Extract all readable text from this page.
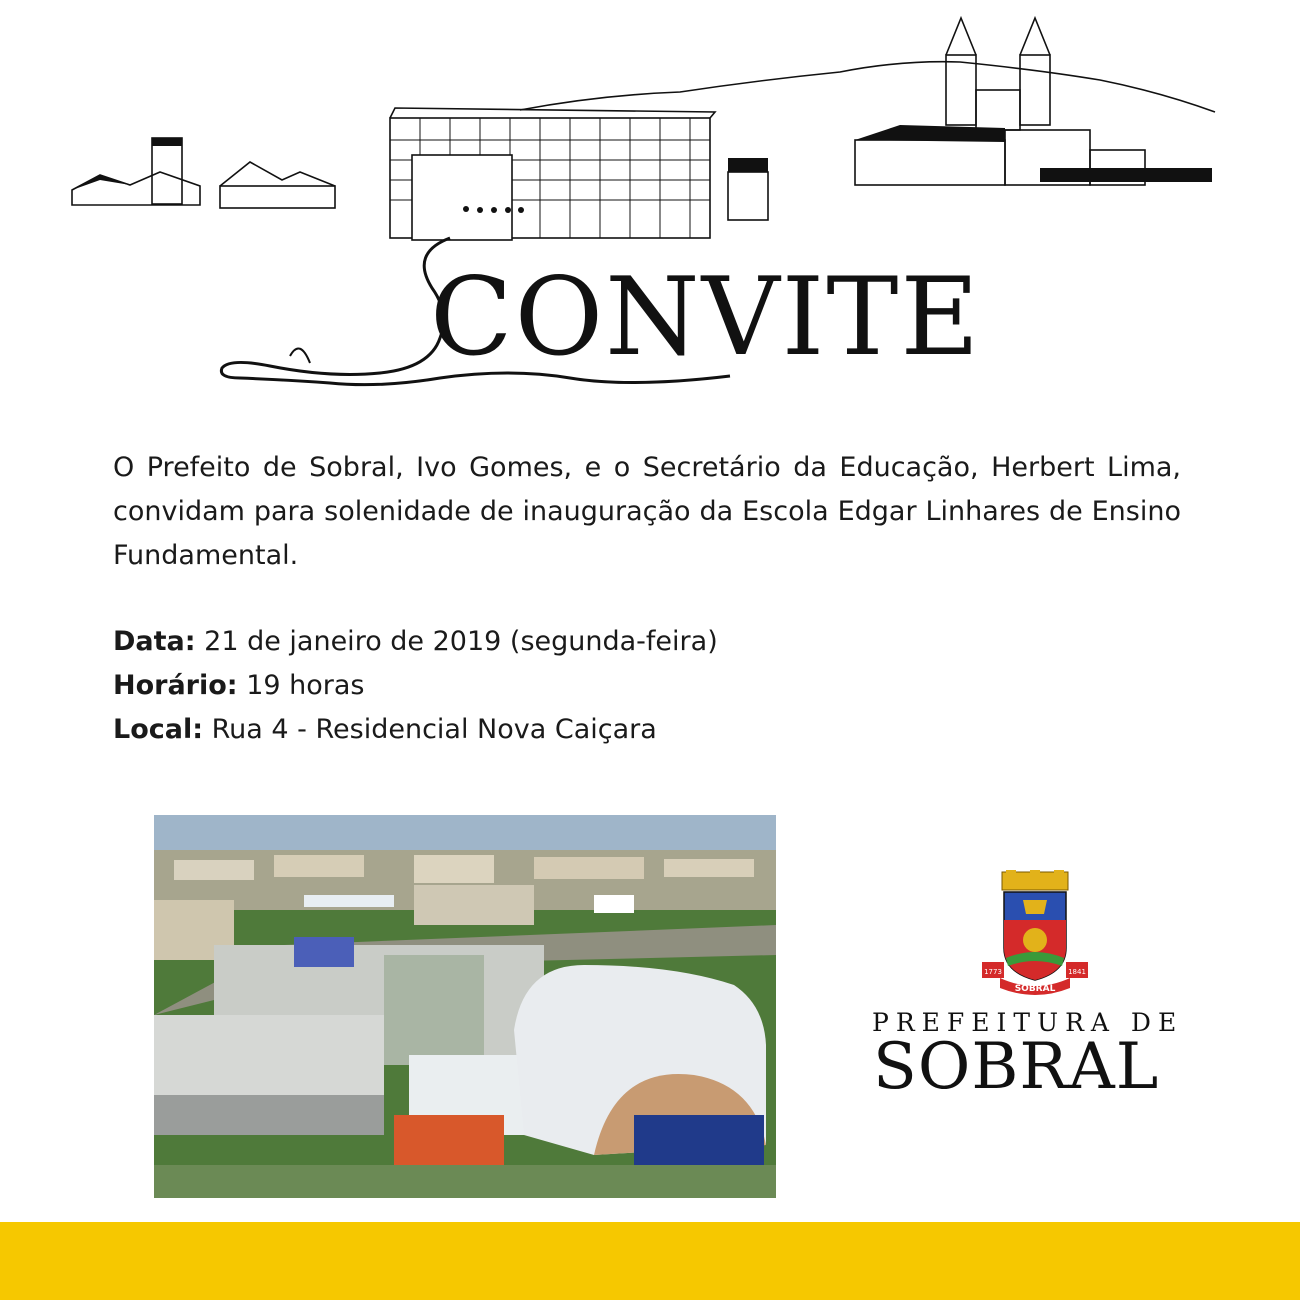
CONVITE

O Prefeito de Sobral, Ivo Gomes, e o Secretário da Educação, Herbert Lima, convidam para solenidade de inauguração da Escola Edgar Linhares de Ensino Fundamental.

Data: 21 de janeiro de 2019 (segunda-feira)
Horário: 19 horas
Local: Rua 4 - Residencial Nova Caiçara
1773	1841
SOBRAL
PREFEITURA DE
SOBRAL
